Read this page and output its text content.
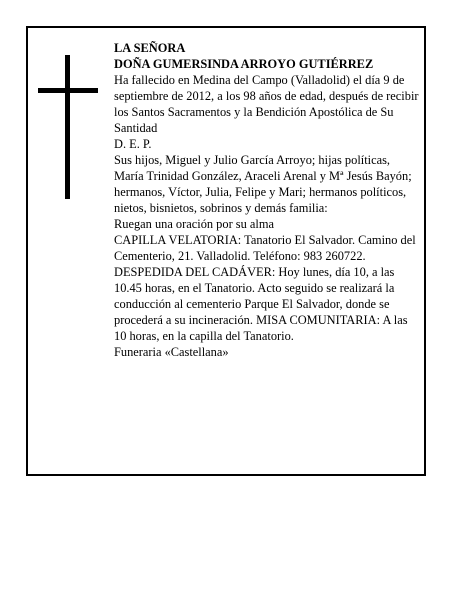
LA SEÑORA

DOÑA GUMERSINDA ARROYO GUTIÉRREZ

Ha fallecido en Medina del Campo (Valladolid) el día 9 de septiembre de 2012, a los 98 años de edad, después de recibir los Santos Sacramentos y la Bendición Apostólica de Su Santidad

D. E. P.

Sus hijos, Miguel y Julio García Arroyo; hijas políticas, María Trinidad González, Araceli Arenal y Mª Jesús Bayón; hermanos, Víctor, Julia, Felipe y Mari; hermanos políticos, nietos, bisnietos, sobrinos y demás familia:

Ruegan una oración por su alma

CAPILLA VELATORIA: Tanatorio El Salvador. Camino del Cementerio, 21. Valladolid. Teléfono: 983 260722.

DESPEDIDA DEL CADÁVER: Hoy lunes, día 10, a las 10.45 horas, en el Tanatorio. Acto seguido se realizará la conducción al cementerio Parque El Salvador, donde se procederá a su incineración. MISA COMUNITARIA: A las 10 horas, en la capilla del Tanatorio.

Funeraria «Castellana»
